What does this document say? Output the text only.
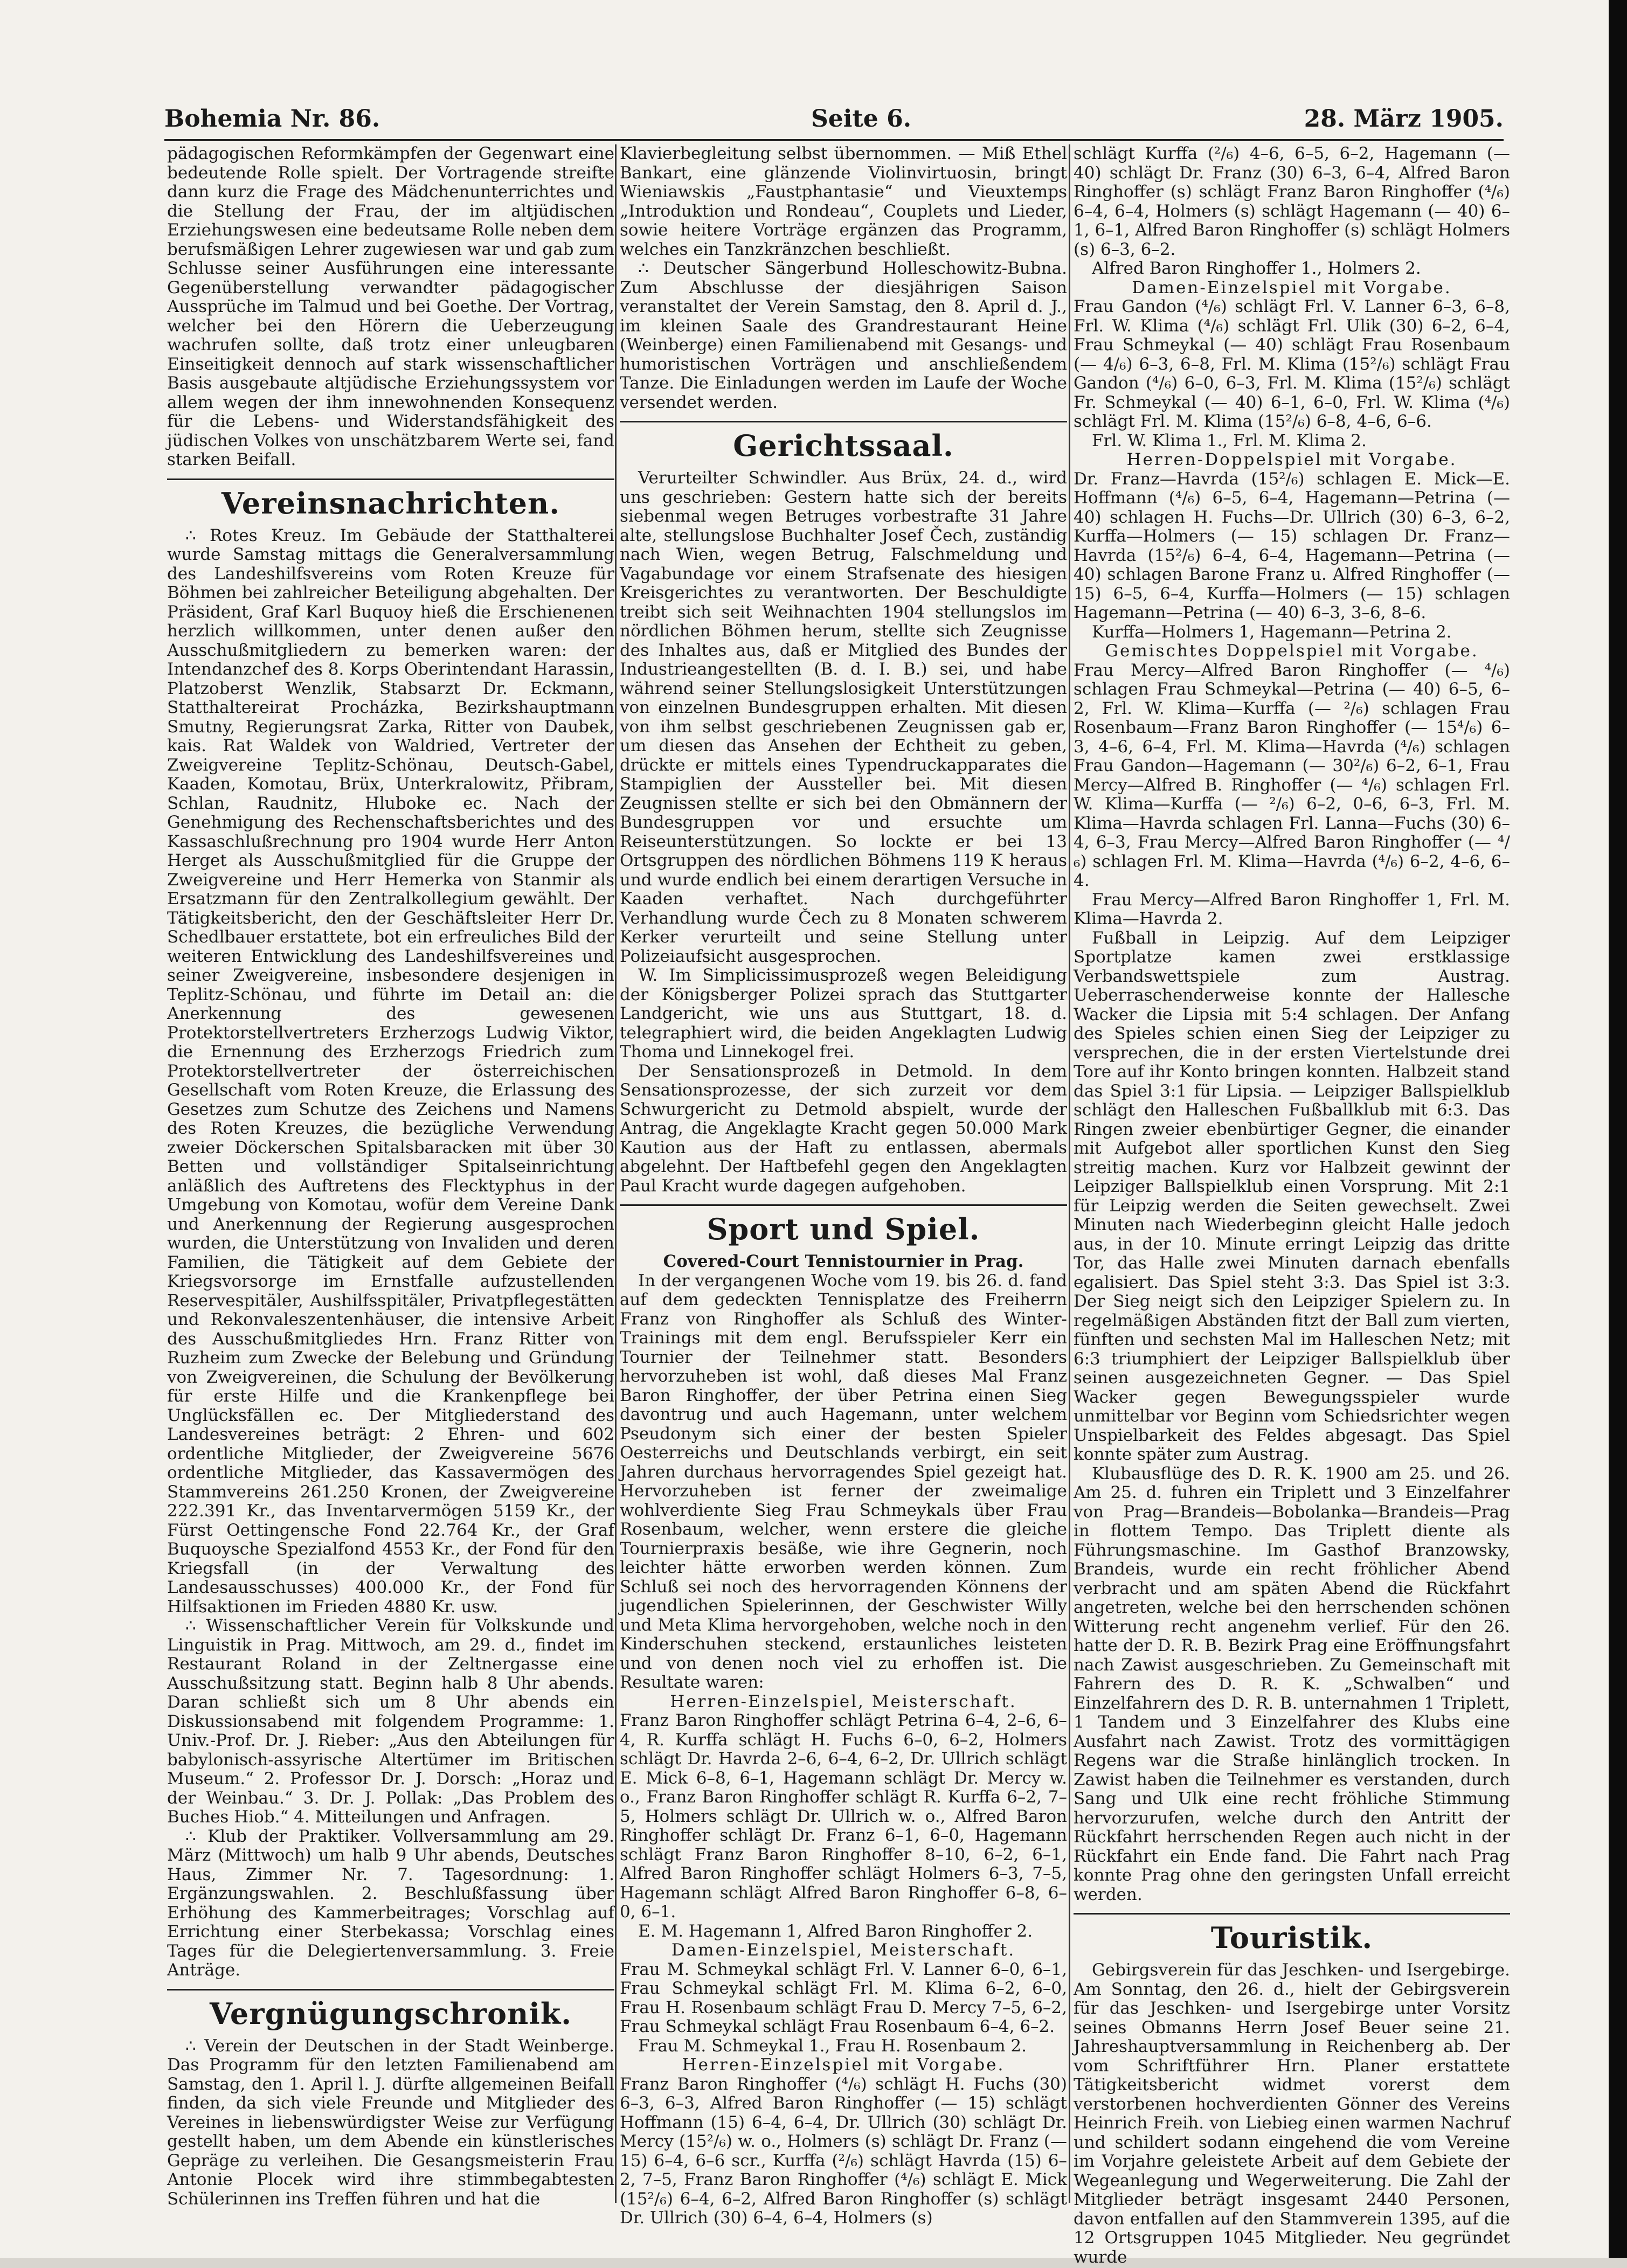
Bohemia Nr. 86.	Seite 6.	28. März 1905.

pädagogischen Reformkämpfen der Gegenwart eine bedeutende Rolle spielt. Der Vortragende streifte dann kurz die Frage des Mädchenunterrichtes und die Stellung der Frau, der im altjüdischen Erziehungswesen eine bedeutsame Rolle neben dem berufsmäßigen Lehrer zugewiesen war und gab zum Schlusse seiner Ausführungen eine interessante Gegenüberstellung verwandter pädagogischer Aussprüche im Talmud und bei Goethe. Der Vortrag, welcher bei den Hörern die Ueberzeugung wachrufen sollte, daß trotz einer unleugbaren Einseitigkeit dennoch auf stark wissenschaftlicher Basis ausgebaute altjüdische Erziehungssystem vor allem wegen der ihm innewohnenden Konsequenz für die Lebens- und Widerstandsfähigkeit des jüdischen Volkes von unschätzbarem Werte sei, fand starken Beifall.

Vereinsnachrichten.

∴ Rotes Kreuz. Im Gebäude der Statthalterei wurde Samstag mittags die Generalversammlung des Landeshilfsvereins vom Roten Kreuze für Böhmen bei zahlreicher Beteiligung abgehalten. Der Präsident, Graf Karl Buquoy hieß die Erschienenen herzlich willkommen, unter denen außer den Ausschußmitgliedern zu bemerken waren: der Intendanzchef des 8. Korps Oberintendant Harassin, Platzoberst Wenzlik, Stabsarzt Dr. Eckmann, Statthaltereirat Procházka, Bezirkshauptmann Smutny, Regierungsrat Zarka, Ritter von Daubek, kais. Rat Waldek von Waldried, Vertreter der Zweigvereine Teplitz-Schönau, Deutsch-Gabel, Kaaden, Komotau, Brüx, Unterkralowitz, Přibram, Schlan, Raudnitz, Hluboke ec. Nach der Genehmigung des Rechenschaftsberichtes und des Kassaschlußrechnung pro 1904 wurde Herr Anton Herget als Ausschußmitglied für die Gruppe der Zweigvereine und Herr Hemerka von Stanmir als Ersatzmann für den Zentralkollegium gewählt. Der Tätigkeitsbericht, den der Geschäftsleiter Herr Dr. Schedlbauer erstattete, bot ein erfreuliches Bild der weiteren Entwicklung des Landeshilfsvereines und seiner Zweigvereine, insbesondere desjenigen in Teplitz-Schönau, und führte im Detail an: die Anerkennung des gewesenen Protektorstellvertreters Erzherzogs Ludwig Viktor, die Ernennung des Erzherzogs Friedrich zum Protektorstellvertreter der österreichischen Gesellschaft vom Roten Kreuze, die Erlassung des Gesetzes zum Schutze des Zeichens und Namens des Roten Kreuzes, die bezügliche Verwendung zweier Döckerschen Spitalsbaracken mit über 30 Betten und vollständiger Spitalseinrichtung anläßlich des Auftretens des Flecktyphus in der Umgebung von Komotau, wofür dem Vereine Dank und Anerkennung der Regierung ausgesprochen wurden, die Unterstützung von Invaliden und deren Familien, die Tätigkeit auf dem Gebiete der Kriegsvorsorge im Ernstfalle aufzustellenden Reservespitäler, Aushilfsspitäler, Privatpflegestätten und Rekonvaleszentenhäuser, die intensive Arbeit des Ausschußmitgliedes Hrn. Franz Ritter von Ruzheim zum Zwecke der Belebung und Gründung von Zweigvereinen, die Schulung der Bevölkerung für erste Hilfe und die Krankenpflege bei Unglücksfällen ec. Der Mitgliederstand des Landesvereines beträgt: 2 Ehren- und 602 ordentliche Mitglieder, der Zweigvereine 5676 ordentliche Mitglieder, das Kassavermögen des Stammvereins 261.250 Kronen, der Zweigvereine 222.391 Kr., das Inventarvermögen 5159 Kr., der Fürst Oettingensche Fond 22.764 Kr., der Graf Buquoysche Spezialfond 4553 Kr., der Fond für den Kriegsfall (in der Verwaltung des Landesausschusses) 400.000 Kr., der Fond für Hilfsaktionen im Frieden 4880 Kr. usw.

∴ Wissenschaftlicher Verein für Volkskunde und Linguistik in Prag. Mittwoch, am 29. d., findet im Restaurant Roland in der Zeltnergasse eine Ausschußsitzung statt. Beginn halb 8 Uhr abends. Daran schließt sich um 8 Uhr abends ein Diskussionsabend mit folgendem Programme: 1. Univ.-Prof. Dr. J. Rieber: „Aus den Abteilungen für babylonisch-assyrische Altertümer im Britischen Museum.“ 2. Professor Dr. J. Dorsch: „Horaz und der Weinbau.“ 3. Dr. J. Pollak: „Das Problem des Buches Hiob.“ 4. Mitteilungen und Anfragen.

∴ Klub der Praktiker. Vollversammlung am 29. März (Mittwoch) um halb 9 Uhr abends, Deutsches Haus, Zimmer Nr. 7. Tagesordnung: 1. Ergänzungswahlen. 2. Beschlußfassung über Erhöhung des Kammerbeitrages; Vorschlag auf Errichtung einer Sterbekassa; Vorschlag eines Tages für die Delegiertenversammlung. 3. Freie Anträge.

Vergnügungschronik.

∴ Verein der Deutschen in der Stadt Weinberge. Das Programm für den letzten Familienabend am Samstag, den 1. April l. J. dürfte allgemeinen Beifall finden, da sich viele Freunde und Mitglieder des Vereines in liebenswürdigster Weise zur Verfügung gestellt haben, um dem Abende ein künstlerisches Gepräge zu verleihen. Die Gesangsmeisterin Frau Antonie Plocek wird ihre stimmbegabtesten Schülerinnen ins Treffen führen und hat die

Klavierbegleitung selbst übernommen. — Miß Ethel Bankart, eine glänzende Violinvirtuosin, bringt Wieniawskis „Faustphantasie“ und Vieuxtemps „Introduktion und Rondeau“, Couplets und Lieder, sowie heitere Vorträge ergänzen das Programm, welches ein Tanzkränzchen beschließt.

∴ Deutscher Sängerbund Holleschowitz-Bubna. Zum Abschlusse der diesjährigen Saison veranstaltet der Verein Samstag, den 8. April d. J., im kleinen Saale des Grandrestaurant Heine (Weinberge) einen Familienabend mit Gesangs- und humoristischen Vorträgen und anschließendem Tanze. Die Einladungen werden im Laufe der Woche versendet werden.

Gerichtssaal.

Verurteilter Schwindler. Aus Brüx, 24. d., wird uns geschrieben: Gestern hatte sich der bereits siebenmal wegen Betruges vorbestrafte 31 Jahre alte, stellungslose Buchhalter Josef Čech, zuständig nach Wien, wegen Betrug, Falschmeldung und Vagabundage vor einem Strafsenate des hiesigen Kreisgerichtes zu verantworten. Der Beschuldigte treibt sich seit Weihnachten 1904 stellungslos im nördlichen Böhmen herum, stellte sich Zeugnisse des Inhaltes aus, daß er Mitglied des Bundes der Industrieangestellten (B. d. I. B.) sei, und habe während seiner Stellungslosigkeit Unterstützungen von einzelnen Bundesgruppen erhalten. Mit diesen von ihm selbst geschriebenen Zeugnissen gab er, um diesen das Ansehen der Echtheit zu geben, drückte er mittels eines Typendruckapparates die Stampiglien der Aussteller bei. Mit diesen Zeugnissen stellte er sich bei den Obmännern der Bundesgruppen vor und ersuchte um Reiseunterstützungen. So lockte er bei 13 Ortsgruppen des nördlichen Böhmens 119 K heraus und wurde endlich bei einem derartigen Versuche in Kaaden verhaftet. Nach durchgeführter Verhandlung wurde Čech zu 8 Monaten schwerem Kerker verurteilt und seine Stellung unter Polizeiaufsicht ausgesprochen.

W. Im Simplicissimusprozeß wegen Beleidigung der Königsberger Polizei sprach das Stuttgarter Landgericht, wie uns aus Stuttgart, 18. d. telegraphiert wird, die beiden Angeklagten Ludwig Thoma und Linnekogel frei.

Der Sensationsprozeß in Detmold. In dem Sensationsprozesse, der sich zurzeit vor dem Schwurgericht zu Detmold abspielt, wurde der Antrag, die Angeklagte Kracht gegen 50.000 Mark Kaution aus der Haft zu entlassen, abermals abgelehnt. Der Haftbefehl gegen den Angeklagten Paul Kracht wurde dagegen aufgehoben.

Sport und Spiel.

Covered-Court Tennistournier in Prag.

In der vergangenen Woche vom 19. bis 26. d. fand auf dem gedeckten Tennisplatze des Freiherrn Franz von Ringhoffer als Schluß des Winter-Trainings mit dem engl. Berufsspieler Kerr ein Tournier der Teilnehmer statt. Besonders hervorzuheben ist wohl, daß dieses Mal Franz Baron Ringhoffer, der über Petrina einen Sieg davontrug und auch Hagemann, unter welchem Pseudonym sich einer der besten Spieler Oesterreichs und Deutschlands verbirgt, ein seit Jahren durchaus hervorragendes Spiel gezeigt hat. Hervorzuheben ist ferner der zweimalige wohlverdiente Sieg Frau Schmeykals über Frau Rosenbaum, welcher, wenn erstere die gleiche Tournierpraxis besäße, wie ihre Gegnerin, noch leichter hätte erworben werden können. Zum Schluß sei noch des hervorragenden Könnens der jugendlichen Spielerinnen, der Geschwister Willy und Meta Klima hervorgehoben, welche noch in den Kinderschuhen steckend, erstaunliches leisteten und von denen noch viel zu erhoffen ist. Die Resultate waren:

Herren-Einzelspiel, Meisterschaft.

Franz Baron Ringhoffer schlägt Petrina 6–4, 2–6, 6–4, R. Kurffa schlägt H. Fuchs 6–0, 6–2, Holmers schlägt Dr. Havrda 2–6, 6–4, 6–2, Dr. Ullrich schlägt E. Mick 6–8, 6–1, Hagemann schlägt Dr. Mercy w. o., Franz Baron Ringhoffer schlägt R. Kurffa 6–2, 7–5, Holmers schlägt Dr. Ullrich w. o., Alfred Baron Ringhoffer schlägt Dr. Franz 6–1, 6–0, Hagemann schlägt Franz Baron Ringhoffer 8–10, 6–2, 6–1, Alfred Baron Ringhoffer schlägt Holmers 6–3, 7–5, Hagemann schlägt Alfred Baron Ringhoffer 6–8, 6–0, 6–1.

E. M. Hagemann 1, Alfred Baron Ringhoffer 2.

Damen-Einzelspiel, Meisterschaft.

Frau M. Schmeykal schlägt Frl. V. Lanner 6–0, 6–1, Frau Schmeykal schlägt Frl. M. Klima 6–2, 6–0, Frau H. Rosenbaum schlägt Frau D. Mercy 7–5, 6–2, Frau Schmeykal schlägt Frau Rosenbaum 6–4, 6–2.

Frau M. Schmeykal 1., Frau H. Rosenbaum 2.

Herren-Einzelspiel mit Vorgabe.

Franz Baron Ringhoffer (⁴/₆) schlägt H. Fuchs (30) 6–3, 6–3, Alfred Baron Ringhoffer (— 15) schlägt Hoffmann (15) 6–4, 6–4, Dr. Ullrich (30) schlägt Dr. Mercy (15²/₆) w. o., Holmers (s) schlägt Dr. Franz (— 15) 6–4, 6–6 scr., Kurffa (²/₆) schlägt Havrda (15) 6–2, 7–5, Franz Baron Ringhoffer (⁴/₆) schlägt E. Mick (15²/₆) 6–4, 6–2, Alfred Baron Ringhoffer (s) schlägt Dr. Ullrich (30) 6–4, 6–4, Holmers (s)

schlägt Kurffa (²/₆) 4–6, 6–5, 6–2, Hagemann (— 40) schlägt Dr. Franz (30) 6–3, 6–4, Alfred Baron Ringhoffer (s) schlägt Franz Baron Ringhoffer (⁴/₆) 6–4, 6–4, Holmers (s) schlägt Hagemann (— 40) 6–1, 6–1, Alfred Baron Ringhoffer (s) schlägt Holmers (s) 6–3, 6–2.

Alfred Baron Ringhoffer 1., Holmers 2.

Damen-Einzelspiel mit Vorgabe.

Frau Gandon (⁴/₆) schlägt Frl. V. Lanner 6–3, 6–8, Frl. W. Klima (⁴/₆) schlägt Frl. Ulik (30) 6–2, 6–4, Frau Schmeykal (— 40) schlägt Frau Rosenbaum (— 4/₆) 6–3, 6–8, Frl. M. Klima (15²/₆) schlägt Frau Gandon (⁴/₆) 6–0, 6–3, Frl. M. Klima (15²/₆) schlägt Fr. Schmeykal (— 40) 6–1, 6–0, Frl. W. Klima (⁴/₆) schlägt Frl. M. Klima (15²/₆) 6–8, 4–6, 6–6.

Frl. W. Klima 1., Frl. M. Klima 2.

Herren-Doppelspiel mit Vorgabe.

Dr. Franz—Havrda (15²/₆) schlagen E. Mick—E. Hoffmann (⁴/₆) 6–5, 6–4, Hagemann—Petrina (— 40) schlagen H. Fuchs—Dr. Ullrich (30) 6–3, 6–2, Kurffa—Holmers (— 15) schlagen Dr. Franz—Havrda (15²/₆) 6–4, 6–4, Hagemann—Petrina (— 40) schlagen Barone Franz u. Alfred Ringhoffer (— 15) 6–5, 6–4, Kurffa—Holmers (— 15) schlagen Hagemann—Petrina (— 40) 6–3, 3–6, 8–6.

Kurffa—Holmers 1, Hagemann—Petrina 2.

Gemischtes Doppelspiel mit Vorgabe.

Frau Mercy—Alfred Baron Ringhoffer (— ⁴/₆) schlagen Frau Schmeykal—Petrina (— 40) 6–5, 6–2, Frl. W. Klima—Kurffa (— ²/₆) schlagen Frau Rosenbaum—Franz Baron Ringhoffer (— 15⁴/₆) 6–3, 4–6, 6–4, Frl. M. Klima—Havrda (⁴/₆) schlagen Frau Gandon—Hagemann (— 30²/₆) 6–2, 6–1, Frau Mercy—Alfred B. Ringhoffer (— ⁴/₆) schlagen Frl. W. Klima—Kurffa (— ²/₆) 6–2, 0–6, 6–3, Frl. M. Klima—Havrda schlagen Frl. Lanna—Fuchs (30) 6–4, 6–3, Frau Mercy—Alfred Baron Ringhoffer (— ⁴/₆) schlagen Frl. M. Klima—Havrda (⁴/₆) 6–2, 4–6, 6–4.

Frau Mercy—Alfred Baron Ringhoffer 1, Frl. M. Klima—Havrda 2.

Fußball in Leipzig. Auf dem Leipziger Sportplatze kamen zwei erstklassige Verbandswettspiele zum Austrag. Ueberraschenderweise konnte der Hallesche Wacker die Lipsia mit 5:4 schlagen. Der Anfang des Spieles schien einen Sieg der Leipziger zu versprechen, die in der ersten Viertelstunde drei Tore auf ihr Konto bringen konnten. Halbzeit stand das Spiel 3:1 für Lipsia. — Leipziger Ballspielklub schlägt den Halleschen Fußballklub mit 6:3. Das Ringen zweier ebenbürtiger Gegner, die einander mit Aufgebot aller sportlichen Kunst den Sieg streitig machen. Kurz vor Halbzeit gewinnt der Leipziger Ballspielklub einen Vorsprung. Mit 2:1 für Leipzig werden die Seiten gewechselt. Zwei Minuten nach Wiederbeginn gleicht Halle jedoch aus, in der 10. Minute erringt Leipzig das dritte Tor, das Halle zwei Minuten darnach ebenfalls egalisiert. Das Spiel steht 3:3. Das Spiel ist 3:3. Der Sieg neigt sich den Leipziger Spielern zu. In regelmäßigen Abständen fitzt der Ball zum vierten, fünften und sechsten Mal im Halleschen Netz; mit 6:3 triumphiert der Leipziger Ballspielklub über seinen ausgezeichneten Gegner. — Das Spiel Wacker gegen Bewegungsspieler wurde unmittelbar vor Beginn vom Schiedsrichter wegen Unspielbarkeit des Feldes abgesagt. Das Spiel konnte später zum Austrag.

Klubausflüge des D. R. K. 1900 am 25. und 26. Am 25. d. fuhren ein Triplett und 3 Einzelfahrer von Prag—Brandeis—Bobolanka—Brandeis—Prag in flottem Tempo. Das Triplett diente als Führungsmaschine. Im Gasthof Branzowsky, Brandeis, wurde ein recht fröhlicher Abend verbracht und am späten Abend die Rückfahrt angetreten, welche bei den herrschenden schönen Witterung recht angenehm verlief. Für den 26. hatte der D. R. B. Bezirk Prag eine Eröffnungsfahrt nach Zawist ausgeschrieben. Zu Gemeinschaft mit Fahrern des D. R. K. „Schwalben“ und Einzelfahrern des D. R. B. unternahmen 1 Triplett, 1 Tandem und 3 Einzelfahrer des Klubs eine Ausfahrt nach Zawist. Trotz des vormittägigen Regens war die Straße hinlänglich trocken. In Zawist haben die Teilnehmer es verstanden, durch Sang und Ulk eine recht fröhliche Stimmung hervorzurufen, welche durch den Antritt der Rückfahrt herrschenden Regen auch nicht in der Rückfahrt ein Ende fand. Die Fahrt nach Prag konnte Prag ohne den geringsten Unfall erreicht werden.

Touristik.

Gebirgsverein für das Jeschken- und Isergebirge. Am Sonntag, den 26. d., hielt der Gebirgsverein für das Jeschken- und Isergebirge unter Vorsitz seines Obmanns Herrn Josef Beuer seine 21. Jahreshauptversammlung in Reichenberg ab. Der vom Schriftführer Hrn. Planer erstattete Tätigkeitsbericht widmet vorerst dem verstorbenen hochverdienten Gönner des Vereins Heinrich Freih. von Liebieg einen warmen Nachruf und schildert sodann eingehend die vom Vereine im Vorjahre geleistete Arbeit auf dem Gebiete der Wegeanlegung und Wegerweiterung. Die Zahl der Mitglieder beträgt insgesamt 2440 Personen, davon entfallen auf den Stammverein 1395, auf die 12 Ortsgruppen 1045 Mitglieder. Neu gegründet wurde
